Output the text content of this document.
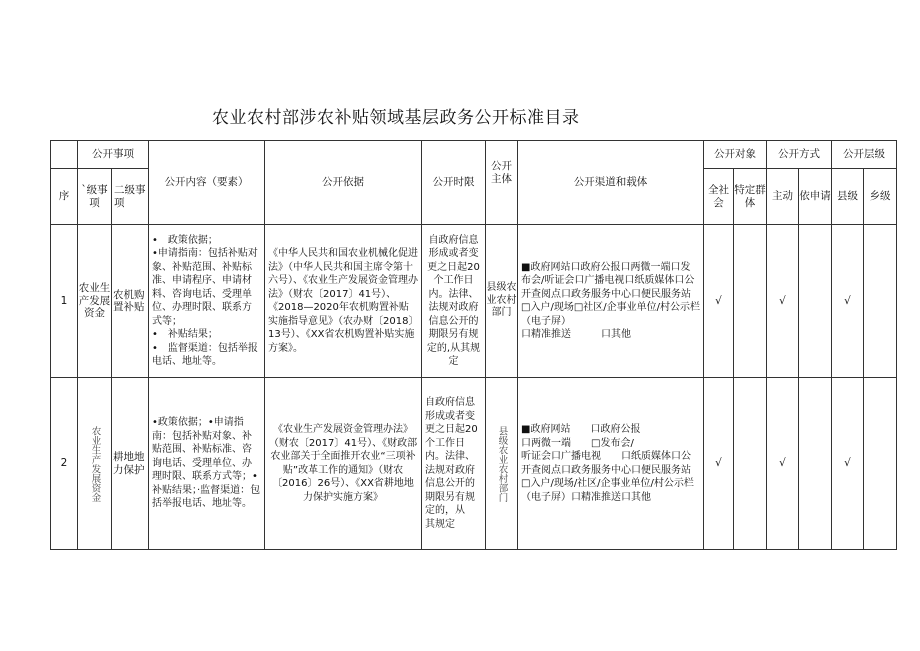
农业农村部涉农补贴领域基层政务公开标准目录
	公开事项		公开内容（要素）	公开依据	公开时限	公开主体	公开渠道和载体	公开对象		公开方式		公开层级	
序	`级事项	二级事项						全社会	特定群体	主动	依申请	县级	乡级
1	农业生产发展资金	农机购置补贴	•　政策依据；
•申请指南：包括补贴对象、补贴范围、补贴标准、申请程序、申请材料、咨询电话、受理单位、办理时限、联系方式等；
•　补贴结果；
•　监督渠道：包括举报电话、地址等。	《中华人民共和国农业机械化促进法》（中华人民共和国主席令第十六号）、《农业生产发展资金管理办法》（财农〔2017〕41号）、《2018—2020年农机购置补贴实施指导意见》（农办财〔2018〕13号）、《XX省农机购置补贴实施方案》。	自政府信息形成或者变更之日起20个工作日内。法律、法规对政府信息公开的期限另有规定的,从其规定	县级农业农村部门	■政府网站口政府公报口两微一端口发布会/听证会口广播电视口纸质媒体口公开查阅点口政务服务中心口便民服务站□入户/现场□社区/企事业单位/村公示栏（电子屏）
口精准推送　　　口其他	√		√		√	
2	农业生产发展资金	耕地地力保护	•政策依据；•申请指南：包括补贴对象、补贴范围、补贴标准、咨询电话、受理单位、办理时限、联系方式等；•补贴结果；·监督渠道：包括举报电话、地址等。	《农业生产发展资金管理办法》（财农〔2017〕41号）、《财政部农业部关于全面推开农业“三项补贴”改革工作的通知》（财农〔2016〕26号）、《XX省耕地地力保护实施方案》	自政府信息形成或者变更之日起20个工作日内。法律、法规对政府信息公开的期限另有规定的，从
其规定	县级农业农村部门	■政府网站　　口政府公报
口两微一端　　□发布会/
听证会口广播电视　　口纸质媒体口公开查阅点口政务服务中心口便民服务站□入户/现场/社区/企事业单位/村公示栏（电子屏）口精准推送口其他	√		√		√	
